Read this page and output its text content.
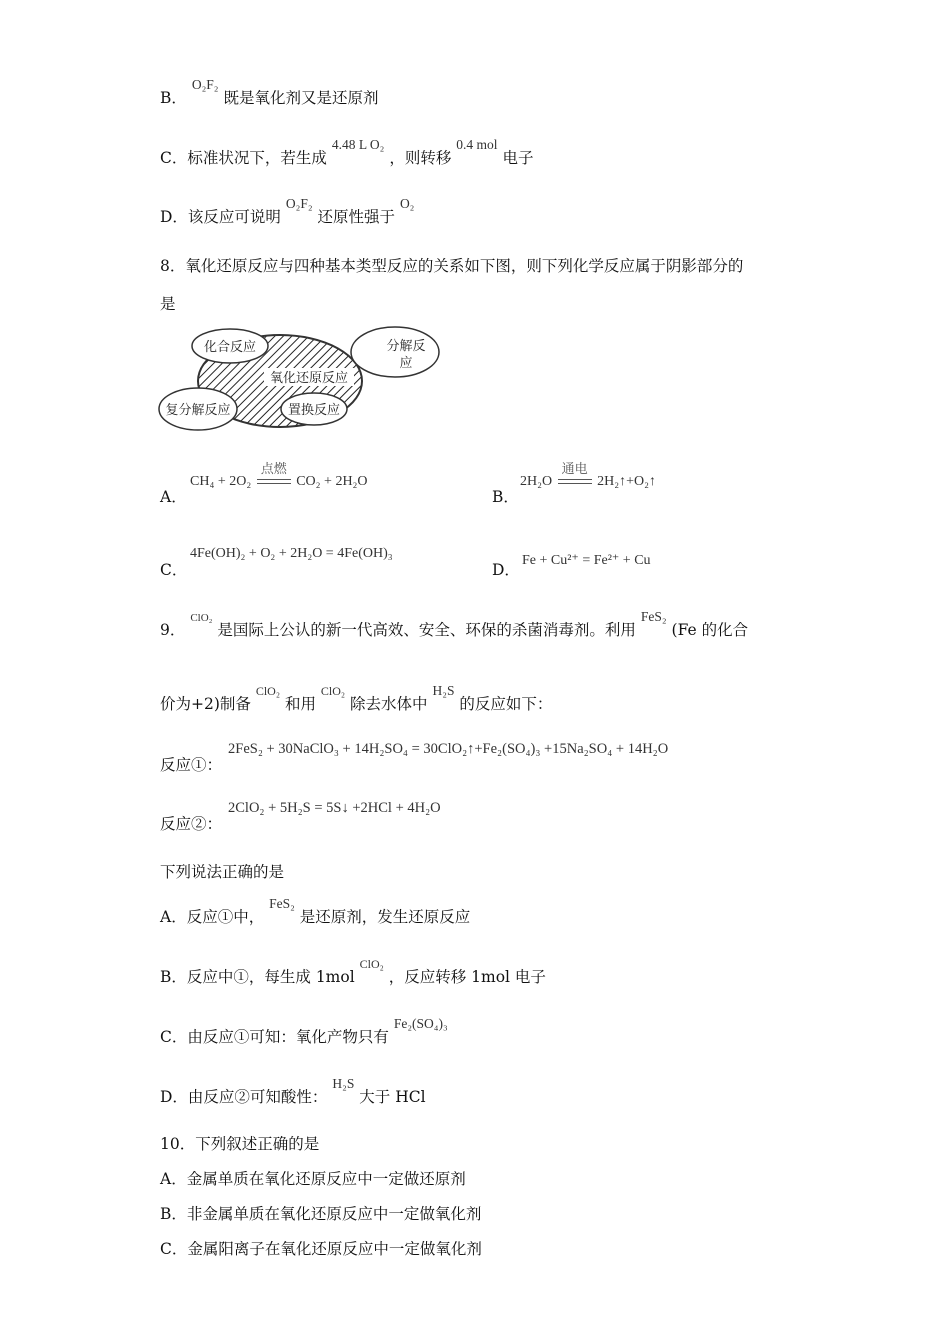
B． O₂F₂ 既是氧化剂又是还原剂
C．标准状况下，若生成 4.48 L O₂ ，则转移 0.4 mol 电子
D．该反应可说明 O₂F₂ 还原性强于 O₂
8．氧化还原反应与四种基本类型反应的关系如下图，则下列化学反应属于阴影部分的
是
化合反应	分解反
应
氧化还原反应
复分解反应	置换反应
A．
CH₄ + 2O₂
点燃
CO₂ + 2H₂O
B．
2H₂O
通电
2H₂↑+O₂↑
C．
4Fe(OH)₂ + O₂ + 2H₂O = 4Fe(OH)₃
D．
Fe + Cu²⁺ = Fe²⁺ + Cu
9． $^{ClO_2}$ 是国际上公认的新一代高效、安全、环保的杀菌消毒剂。利用 FeS₂ (Fe 的化合
价为+2)制备 $^{ClO_2}$ 和用 $^{ClO_2}$ 除去水体中 H₂S 的反应如下：
反应①：
2FeS₂ + 30NaClO₃ + 14H₂SO₄ = 30ClO₂↑+Fe₂(SO₄)₃ +15Na₂SO₄ + 14H₂O
反应②：
2ClO₂ + 5H₂S = 5S↓ +2HCl + 4H₂O
下列说法正确的是
A．反应①中， FeS₂ 是还原剂，发生还原反应
B．反应中①，每生成 1mol $^{ClO_2}$ ，反应转移 1mol 电子
C．由反应①可知：氧化产物只有 Fe₂(SO₄)₃
D．由反应②可知酸性： H₂S 大于 HCl
10．下列叙述正确的是
A．金属单质在氧化还原反应中一定做还原剂
B．非金属单质在氧化还原反应中一定做氧化剂
C．金属阳离子在氧化还原反应中一定做氧化剂
